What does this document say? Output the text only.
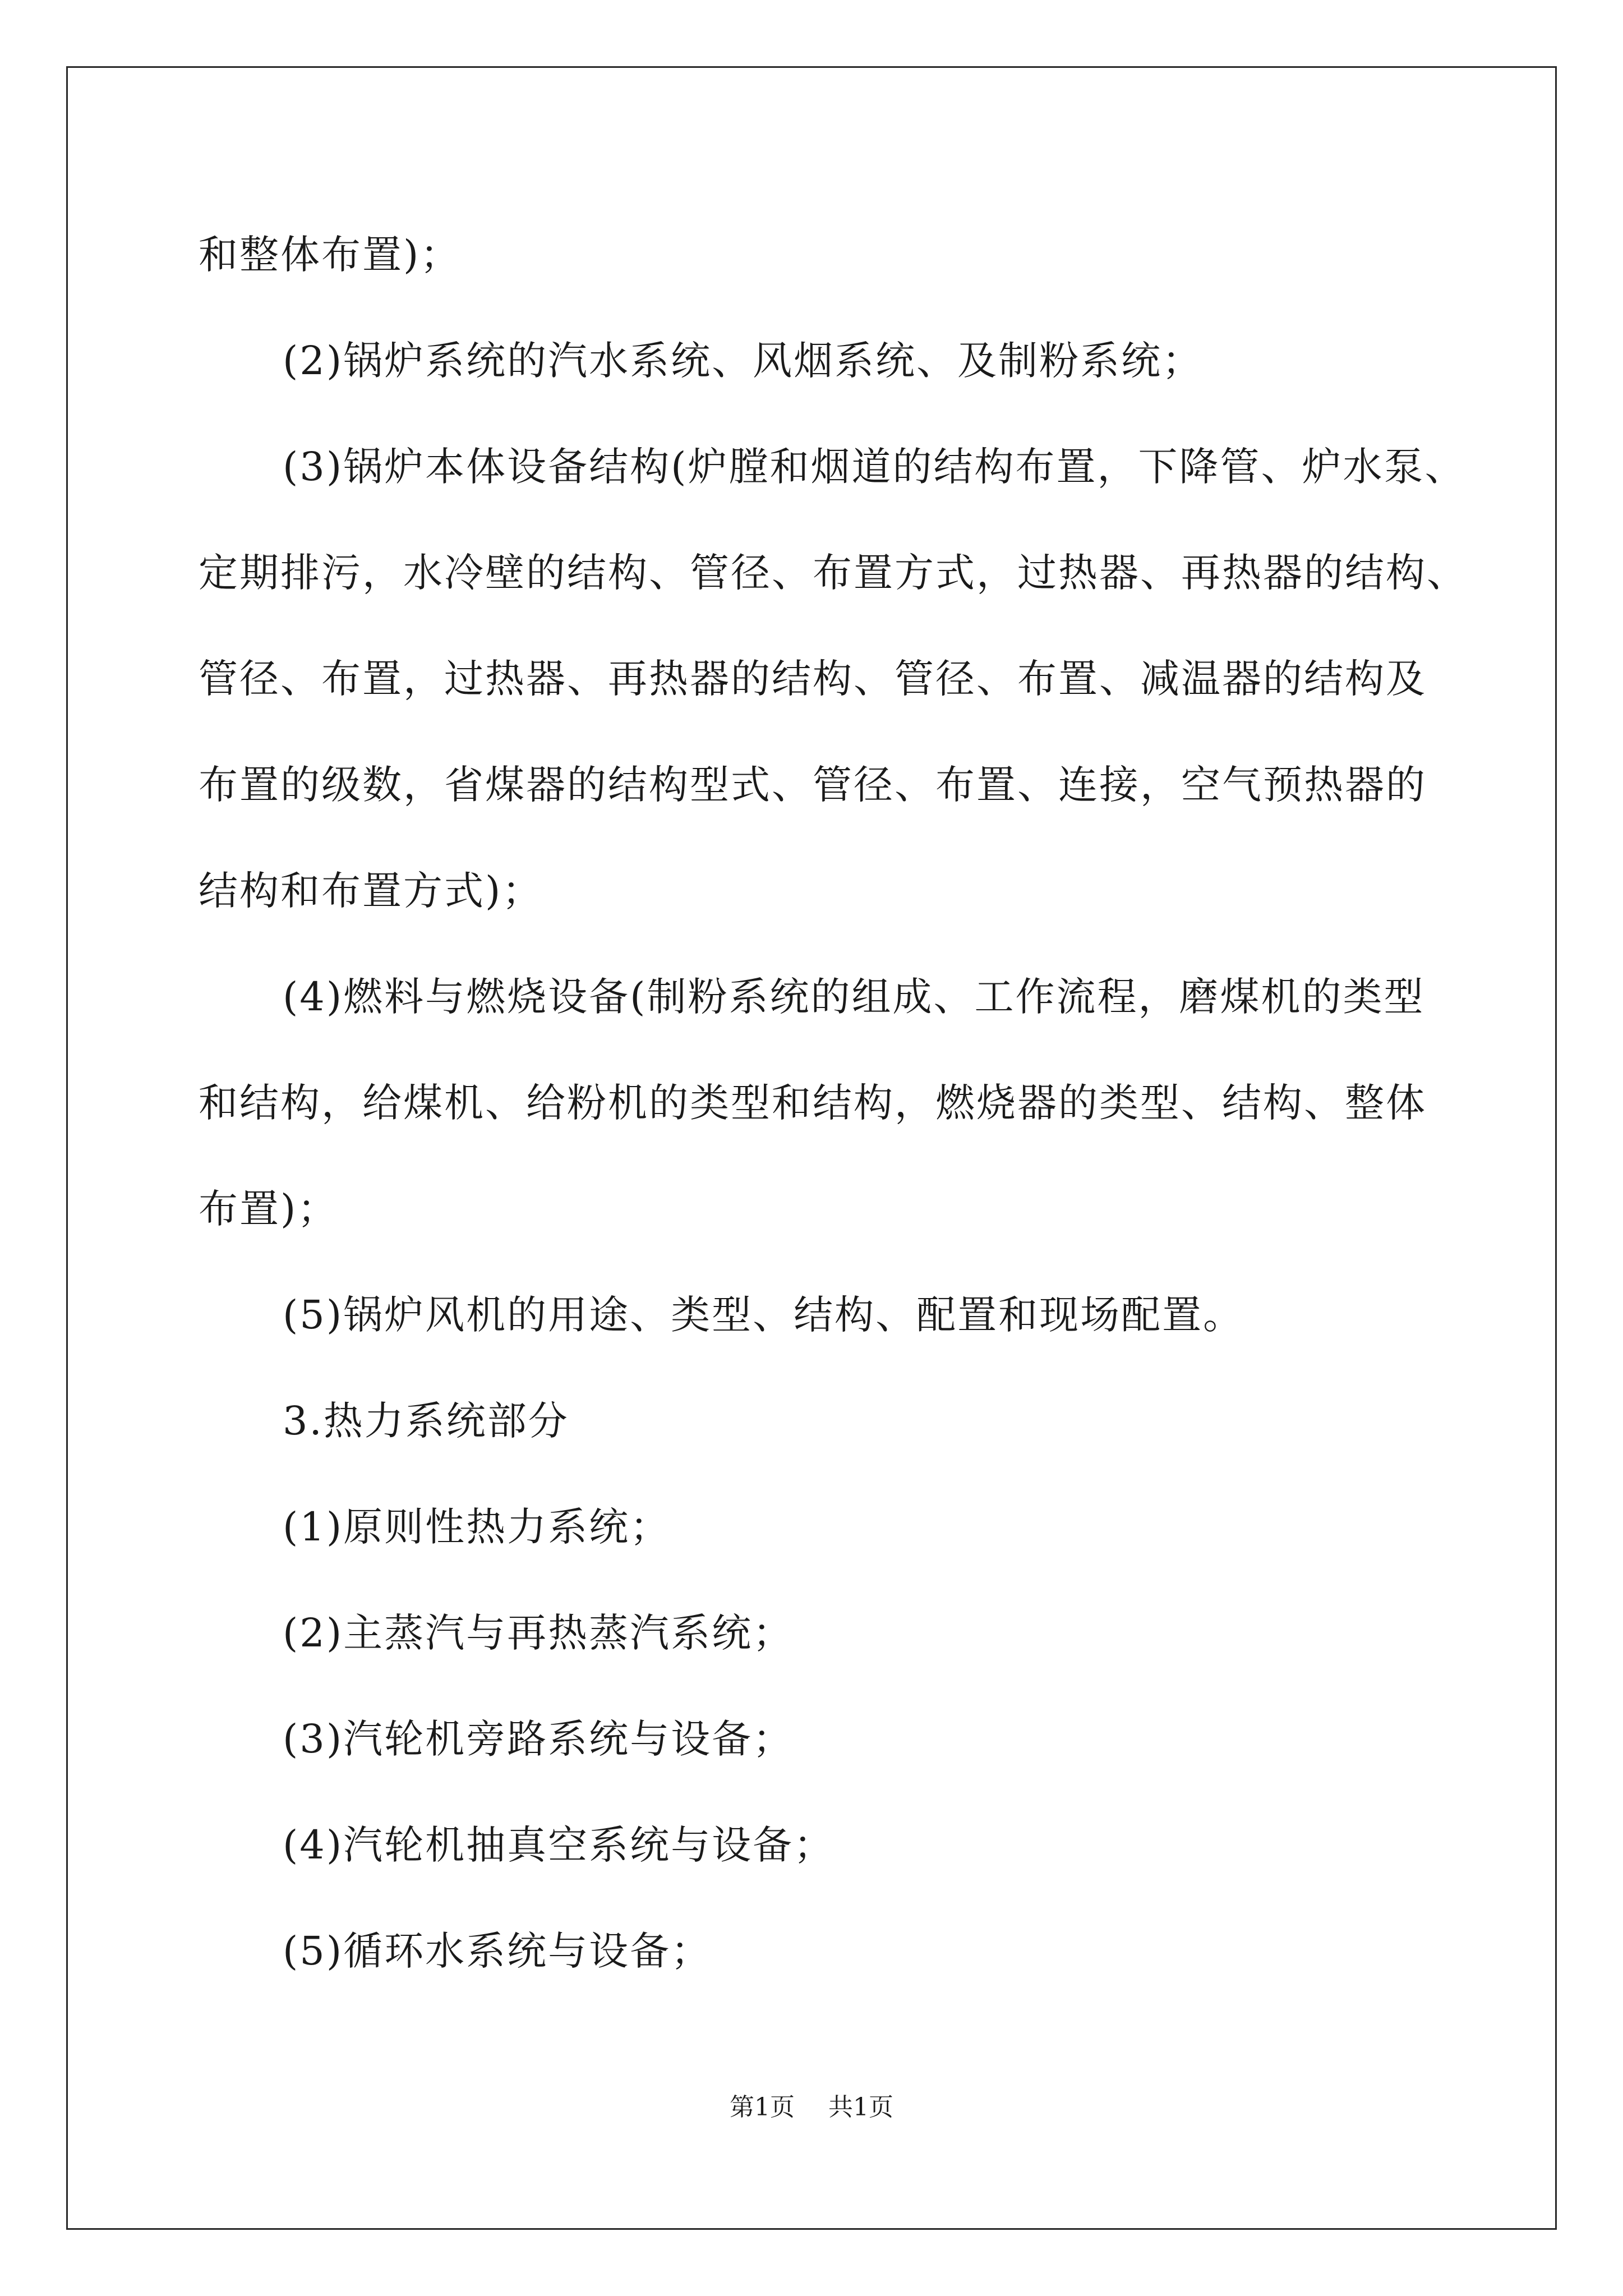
和整体布置)；

(2)锅炉系统的汽水系统、风烟系统、及制粉系统；

(3)锅炉本体设备结构(炉膛和烟道的结构布置，下降管、炉水泵、

定期排污，水冷壁的结构、管径、布置方式，过热器、再热器的结构、

管径、布置，过热器、再热器的结构、管径、布置、减温器的结构及

布置的级数，省煤器的结构型式、管径、布置、连接，空气预热器的

结构和布置方式)；

(4)燃料与燃烧设备(制粉系统的组成、工作流程，磨煤机的类型

和结构，给煤机、给粉机的类型和结构，燃烧器的类型、结构、整体

布置)；

(5)锅炉风机的用途、类型、结构、配置和现场配置。

3.热力系统部分

(1)原则性热力系统；

(2)主蒸汽与再热蒸汽系统；

(3)汽轮机旁路系统与设备；

(4)汽轮机抽真空系统与设备；

(5)循环水系统与设备；

第1页 共1页
